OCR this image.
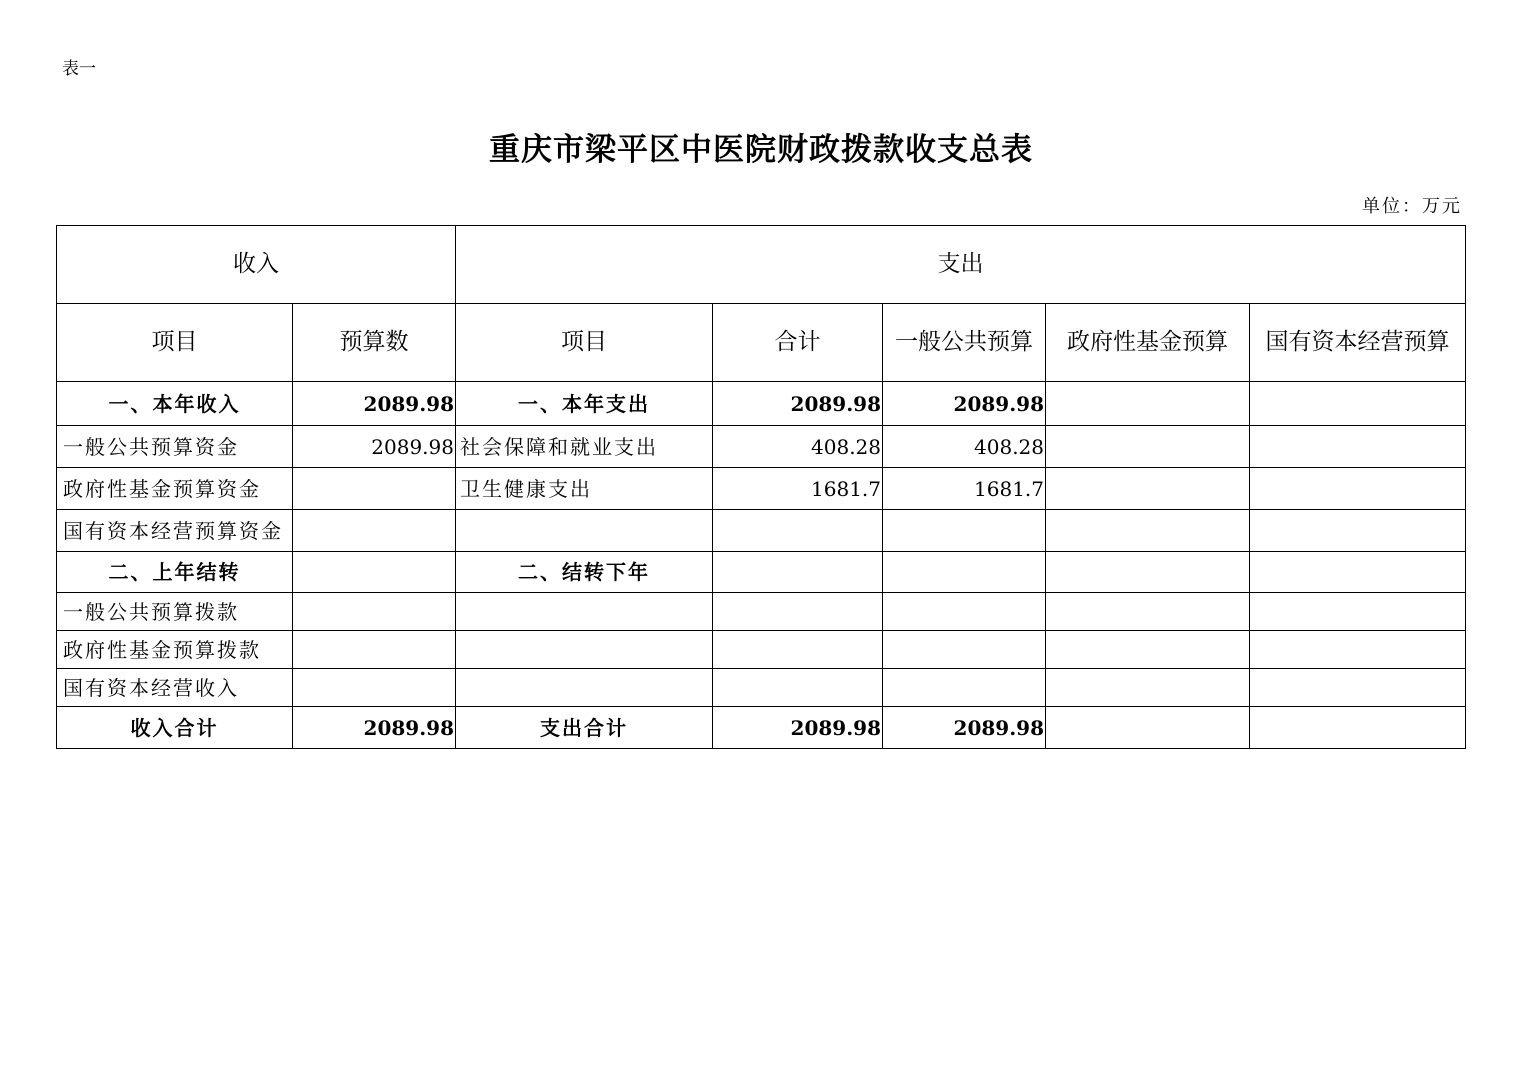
表一
重庆市梁平区中医院财政拨款收支总表
单位：万元
收入		支出				
项目	预算数	项目	合计	一般公共预算	政府性基金预算	国有资本经营预算
一、本年收入	2089.98	一、本年支出	2089.98	2089.98		
一般公共预算资金	2089.98	社会保障和就业支出	408.28	408.28		
政府性基金预算资金		卫生健康支出	1681.7	1681.7		
国有资本经营预算资金						
二、上年结转		二、结转下年				
一般公共预算拨款						
政府性基金预算拨款						
国有资本经营收入						
收入合计	2089.98	支出合计	2089.98	2089.98		
